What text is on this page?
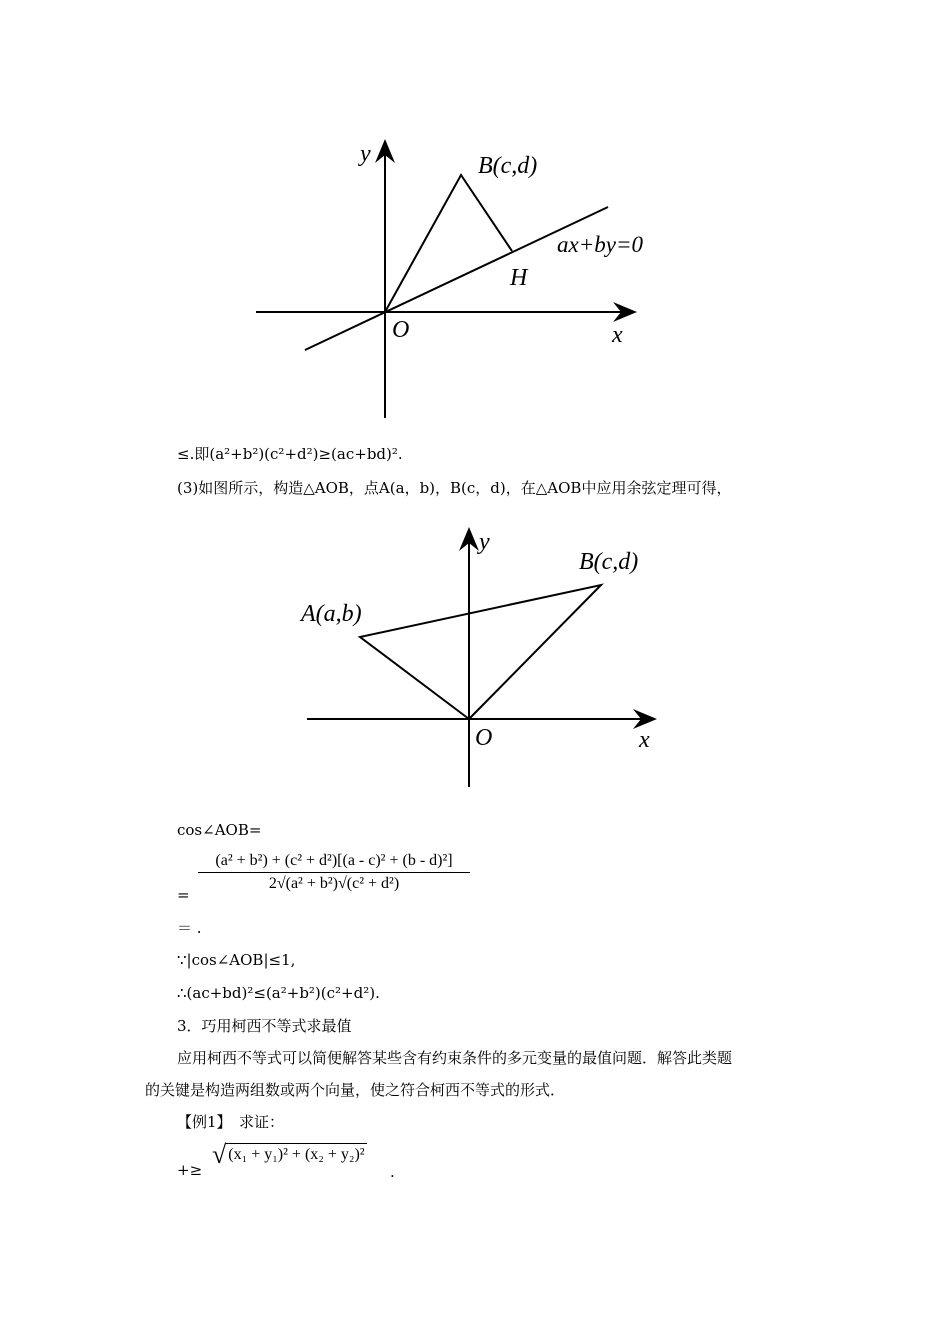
y
x
O
B(c,d)
H
ax+by=0
≤.即(a²+b²)(c²+d²)≥(ac+bd)².
(3)如图所示，构造△AOB，点A(a，b)，B(c，d)，在△AOB中应用余弦定理可得，
y
x
O
A(a,b)
B(c,d)
cos∠AOB=
=
(a² + b²) + (c² + d²)[(a - c)² + (b - d)²]
2√(a² + b²)√(c² + d²)
＝ .
∵|cos∠AOB|≤1,
∴(ac+bd)²≤(a²+b²)(c²+d²).
3．巧用柯西不等式求最值
应用柯西不等式可以简便解答某些含有约束条件的多元变量的最值问题．解答此类题
的关键是构造两组数或两个向量，使之符合柯西不等式的形式．
【例1】　求证：
+≥
√ (x₁ + y₁)² + (x₂ + y₂)²
.
